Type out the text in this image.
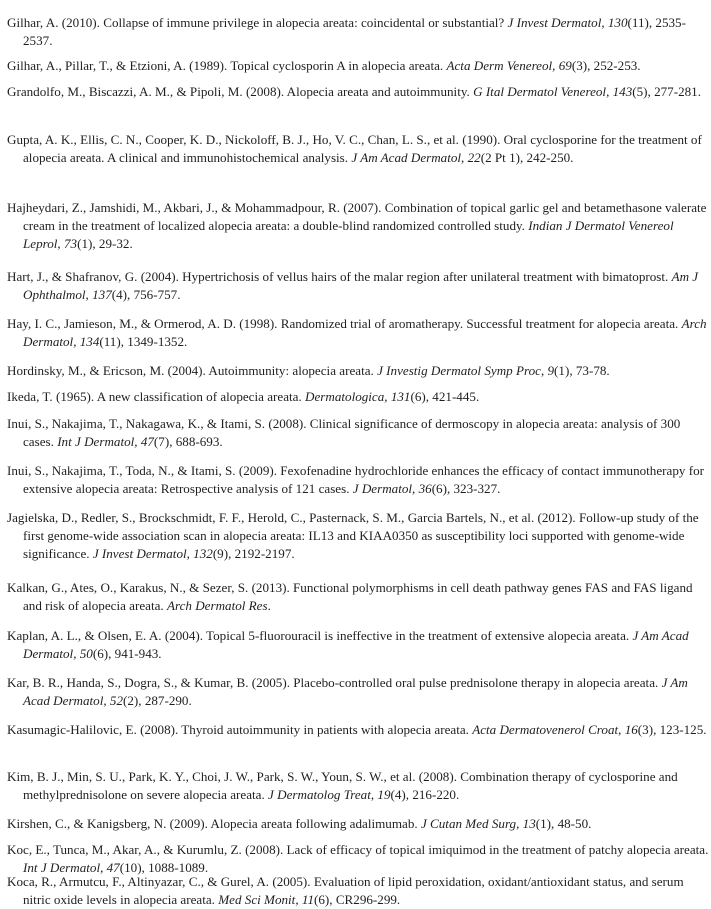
Gilhar, A. (2010). Collapse of immune privilege in alopecia areata: coincidental or substantial? J Invest Dermatol, 130(11), 2535-2537.

Gilhar, A., Pillar, T., & Etzioni, A. (1989). Topical cyclosporin A in alopecia areata. Acta Derm Venereol, 69(3), 252-253.

Grandolfo, M., Biscazzi, A. M., & Pipoli, M. (2008). Alopecia areata and autoimmunity. G Ital Dermatol Venereol, 143(5), 277-281.

Gupta, A. K., Ellis, C. N., Cooper, K. D., Nickoloff, B. J., Ho, V. C., Chan, L. S., et al. (1990). Oral cyclosporine for the treatment of alopecia areata. A clinical and immunohistochemical analysis. J Am Acad Dermatol, 22(2 Pt 1), 242-250.

Hajheydari, Z., Jamshidi, M., Akbari, J., & Mohammadpour, R. (2007). Combination of topical garlic gel and betamethasone valerate cream in the treatment of localized alopecia areata: a double-blind randomized controlled study. Indian J Dermatol Venereol Leprol, 73(1), 29-32.

Hart, J., & Shafranov, G. (2004). Hypertrichosis of vellus hairs of the malar region after unilateral treatment with bimatoprost. Am J Ophthalmol, 137(4), 756-757.

Hay, I. C., Jamieson, M., & Ormerod, A. D. (1998). Randomized trial of aromatherapy. Successful treatment for alopecia areata. Arch Dermatol, 134(11), 1349-1352.

Hordinsky, M., & Ericson, M. (2004). Autoimmunity: alopecia areata. J Investig Dermatol Symp Proc, 9(1), 73-78.

Ikeda, T. (1965). A new classification of alopecia areata. Dermatologica, 131(6), 421-445.

Inui, S., Nakajima, T., Nakagawa, K., & Itami, S. (2008). Clinical significance of dermoscopy in alopecia areata: analysis of 300 cases. Int J Dermatol, 47(7), 688-693.

Inui, S., Nakajima, T., Toda, N., & Itami, S. (2009). Fexofenadine hydrochloride enhances the efficacy of contact immunotherapy for extensive alopecia areata: Retrospective analysis of 121 cases. J Dermatol, 36(6), 323-327.

Jagielska, D., Redler, S., Brockschmidt, F. F., Herold, C., Pasternack, S. M., Garcia Bartels, N., et al. (2012). Follow-up study of the first genome-wide association scan in alopecia areata: IL13 and KIAA0350 as susceptibility loci supported with genome-wide significance. J Invest Dermatol, 132(9), 2192-2197.

Kalkan, G., Ates, O., Karakus, N., & Sezer, S. (2013). Functional polymorphisms in cell death pathway genes FAS and FAS ligand and risk of alopecia areata. Arch Dermatol Res.

Kaplan, A. L., & Olsen, E. A. (2004). Topical 5-fluorouracil is ineffective in the treatment of extensive alopecia areata. J Am Acad Dermatol, 50(6), 941-943.

Kar, B. R., Handa, S., Dogra, S., & Kumar, B. (2005). Placebo-controlled oral pulse prednisolone therapy in alopecia areata. J Am Acad Dermatol, 52(2), 287-290.

Kasumagic-Halilovic, E. (2008). Thyroid autoimmunity in patients with alopecia areata. Acta Dermatovenerol Croat, 16(3), 123-125.

Kim, B. J., Min, S. U., Park, K. Y., Choi, J. W., Park, S. W., Youn, S. W., et al. (2008). Combination therapy of cyclosporine and methylprednisolone on severe alopecia areata. J Dermatolog Treat, 19(4), 216-220.

Kirshen, C., & Kanigsberg, N. (2009). Alopecia areata following adalimumab. J Cutan Med Surg, 13(1), 48-50.

Koc, E., Tunca, M., Akar, A., & Kurumlu, Z. (2008). Lack of efficacy of topical imiquimod in the treatment of patchy alopecia areata. Int J Dermatol, 47(10), 1088-1089.

Koca, R., Armutcu, F., Altinyazar, C., & Gurel, A. (2005). Evaluation of lipid peroxidation, oxidant/antioxidant status, and serum nitric oxide levels in alopecia areata. Med Sci Monit, 11(6), CR296-299.
